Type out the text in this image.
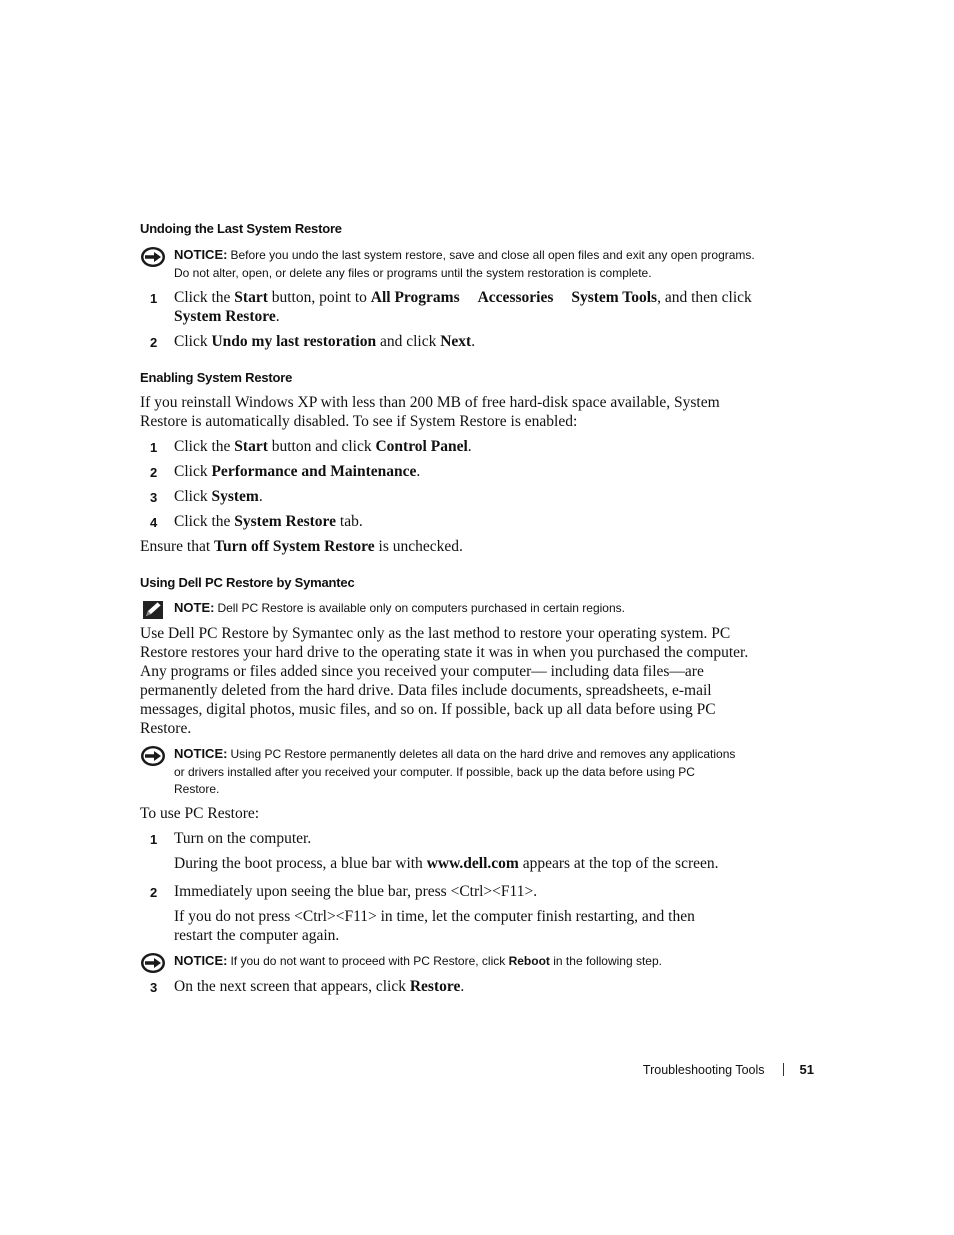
Undoing the Last System Restore
NOTICE: Before you undo the last system restore, save and close all open files and exit any open programs. Do not alter, open, or delete any files or programs until the system restoration is complete.
1 Click the Start button, point to All Programs Accessories System Tools, and then click
System Restore.
2 Click Undo my last restoration and click Next.
Enabling System Restore
If you reinstall Windows XP with less than 200 MB of free hard-disk space available, System
Restore is automatically disabled. To see if System Restore is enabled:
1 Click the Start button and click Control Panel.
2 Click Performance and Maintenance.
3 Click System.
4 Click the System Restore tab.
Ensure that Turn off System Restore is unchecked.
Using Dell PC Restore by Symantec
NOTE: Dell PC Restore is available only on computers purchased in certain regions.
Use Dell PC Restore by Symantec only as the last method to restore your operating system. PC
Restore restores your hard drive to the operating state it was in when you purchased the computer.
Any programs or files added since you received your computer— including data files—are
permanently deleted from the hard drive. Data files include documents, spreadsheets, e-mail
messages, digital photos, music files, and so on. If possible, back up all data before using PC
Restore.
NOTICE: Using PC Restore permanently deletes all data on the hard drive and removes any applications
or drivers installed after you received your computer. If possible, back up the data before using PC
Restore.
To use PC Restore:
1 Turn on the computer.
During the boot process, a blue bar with www.dell.com appears at the top of the screen.
2 Immediately upon seeing the blue bar, press <Ctrl><F11>.
If you do not press <Ctrl><F11> in time, let the computer finish restarting, and then
restart the computer again.
NOTICE: If you do not want to proceed with PC Restore, click Reboot in the following step.
3 On the next screen that appears, click Restore.
Troubleshooting Tools	51
